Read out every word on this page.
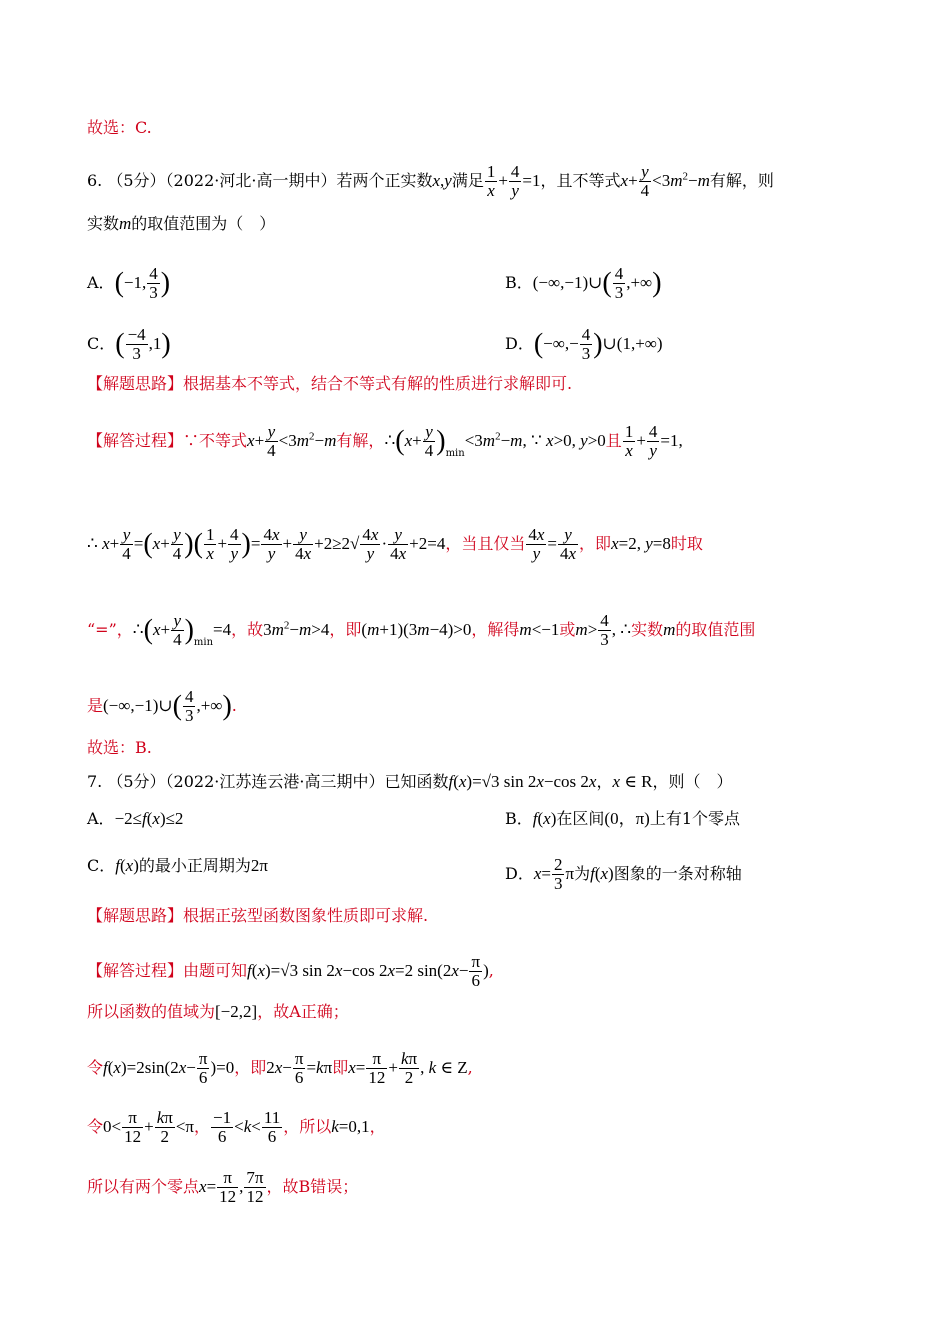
故选：C.
6. （5分）（2022·河北·高一期中）若两个正实数x,y满足 $\frac{1}{x} + \frac{4}{y} =1$，且不等式$x+ \frac{y}{4} <3m^2-m$有解，则
实数m的取值范围为（　）
A．(−1, $\frac{4}{3}$ )	B．(−∞,−1)∪( $\frac{4}{3}$ ,+∞)
C．( $\frac{-4}{3} ,1$)	D．(−∞,− $\frac{4}{3}$ )∪(1,+∞)
【解题思路】根据基本不等式，结合不等式有解的性质进行求解即可.
【解答过程】∵不等式$x+ \frac{y}{4} <3m^2-m$有解，∴(x+ $\frac{y}{4} )_{min}<3m^2-m$, ∵ x>0, y>0且 $\frac{1}{x} + \frac{4}{y} =1$,
∴ $x+ \frac{y}{4} =(x+ \frac{y}{4}$ )( $\frac{1}{x} + \frac{4}{y}$ )= $\frac{4x}{y} + \frac{y}{4x} +2\ge 2√ \frac{4x}{y} \cdot \frac{y}{4x} +2=4$，当且仅当 $\frac{4x}{y} = \frac{y}{4x}$ ，即x=2, y=8时取
“=”，∴(x+ $\frac{y}{4} )_{min}=4$，故$3m^2-m>4$，即(m+1)(3m−4)>0，解得m<−1或$m> \frac{4}{3}$ , ∴实数m的取值范围
是(−∞,−1)∪( $\frac{4}{3}$ ,+∞).
故选：B.
7. （5分）（2022·江苏连云港·高三期中）已知函数f(x)=√3 sin 2x−cos 2x，x ∈ R，则（　）
A．−2≤f(x)≤2	B．f(x)在区间(0，π)上有1个零点
C．f(x)的最小正周期为2π	D．$x= \frac{2}{3}$ π为f(x)图象的一条对称轴
【解题思路】根据正弦型函数图象性质即可求解.
【解答过程】由题可知f(x)=√3 sin 2x−cos 2x=2 $\sin(2x- \frac{\pi}{6}$ ),
所以函数的值域为[−2,2]，故A正确；
令$f(x)=2\sin(2x- \frac{\pi}{6} )=0$，即$2x- \frac{\pi}{6} =k\pi$即$x= \frac{\pi}{12} + \frac{k\pi}{2}$ , k ∈ Z,
令$0< \frac{\pi}{12} + \frac{k\pi}{2} <\pi$， $\frac{-1}{6} <k< \frac{11}{6}$ ，所以k=0,1，
所以有两个零点$x= \frac{\pi}{12}$ , $\frac{7\pi}{12}$ ，故B错误；
